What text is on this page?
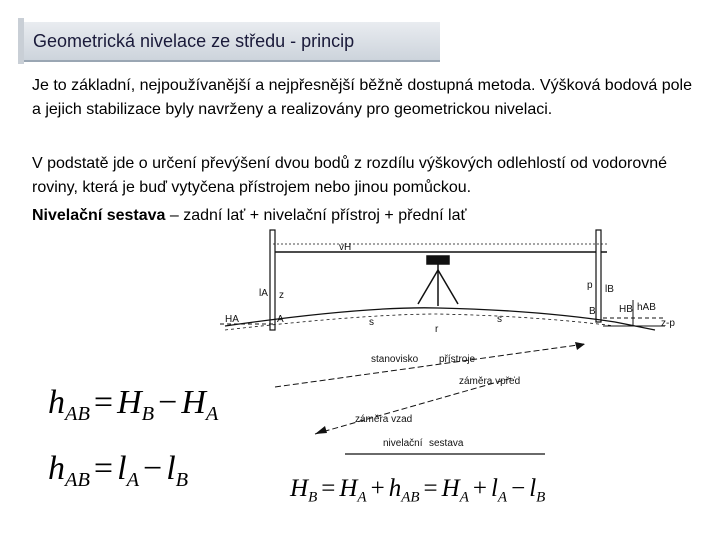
Geometrická nivelace ze středu - princip
Je to základní, nejpoužívanější a nejpřesnější běžně dostupná metoda. Výšková bodová pole a jejich stabilizace byly navrženy a realizovány pro geometrickou nivelaci.
V podstatě jde o určení převýšení dvou bodů z rozdílu výškových odlehlostí od vodorovné roviny, která je buď vytyčena přístrojem nebo jinou pomůckou.
Nivelační sestava – zadní lať + nivelační přístroj + přední lať
vH
lA z
p lB
HA	A
B HB hAB
z-p
s	s
r
stanovisko přístroje
záměra vpřed
záměra vzad
nivelační sestava
$h_{AB} = H_B - H_A$
$h_{AB} = l_A - l_B$	$H_B = H_A + h_{AB} = H_A + l_A - l_B$
